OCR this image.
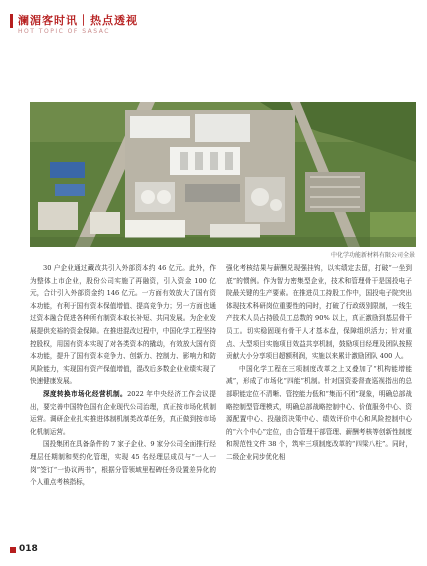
澜湄客时讯｜热点透视
HOT TOPIC OF SASAC
中化学功能新材料有限公司全景

30 户企业通过藏改共引入外部资本约 46 亿元。此外，作为整体上市企业，股份公司实施了再融资，引入资金 100 亿元，合计引入外部资金约 146 亿元。一方面有效放大了国有资本功能，有利于国有资本保值增值、提高竞争力；另一方面也通过资本融合促进各种所有制资本取长补短、共同发展。为企业发展提供充裕的资金保障。在推进混改过程中，中国化学工程坚持控股权，用国有资本实现了对各类资本的撬动，有效放大国有资本功能，提升了国有资本竞争力、创新力、控制力、影响力和防风险能力，实现国有资产保值增值，混改后多数企业业绩实现了快速健康发展。

深度转换市场化经营机制。2022 年中央经济工作会议提出，要完善中国特色国有企业现代公司治理，真正按市场化机制运营。调研企业扎实推进体制机制类改革任务，真正做到按市场化机制运营。

国投集团在具备条件的 7 家子企业、9 家分公司全面推行经理层任期制和契约化管理，实现 45 名经理层成员与“一人一岗”签订“一协议两书”，根据分管领域里程碑任务设置差异化的个人重点考核指标，

强化考核结果与薪酬兑现强挂钩，以实绩定去留，打破“一坐到底”的惯例。作为智力密集型企业，技术和管理骨干是国投电子院最关键的生产要素。在推进员工持股工作中，国投电子院突出体现技术科研岗位重要性的同时，打破了行政级别限制，一线生产技术人员占持股员工总数的 90% 以上，真正激励到基层骨干员工。切实稳固现有骨干人才基本盘，保障组织活力；针对重点、大型项目实施项目效益共享机制，鼓励项目经理及团队按照贡献大小分享项目超额利润，实施以来累计激励团队 400 人。

中国化学工程在三项制度改革之上又叠加了“机构能增能减”，形成了市场化“四能”机制。针对国资委督查巡视指出的总部职能定位不清晰、管控能力低和“集而不团”现象，明确总部战略控制型管理模式，明确总部战略控制中心、价值服务中心、资源配置中心、投融资决策中心、绩效评价中心和风险控制中心的“六个中心”定位，由合管理干部管理、薪酬考核等创新性制度和规范性文件 38 个，筑牢三项制度改革的“四梁八柱”。同时，二级企业同步优化相

018
